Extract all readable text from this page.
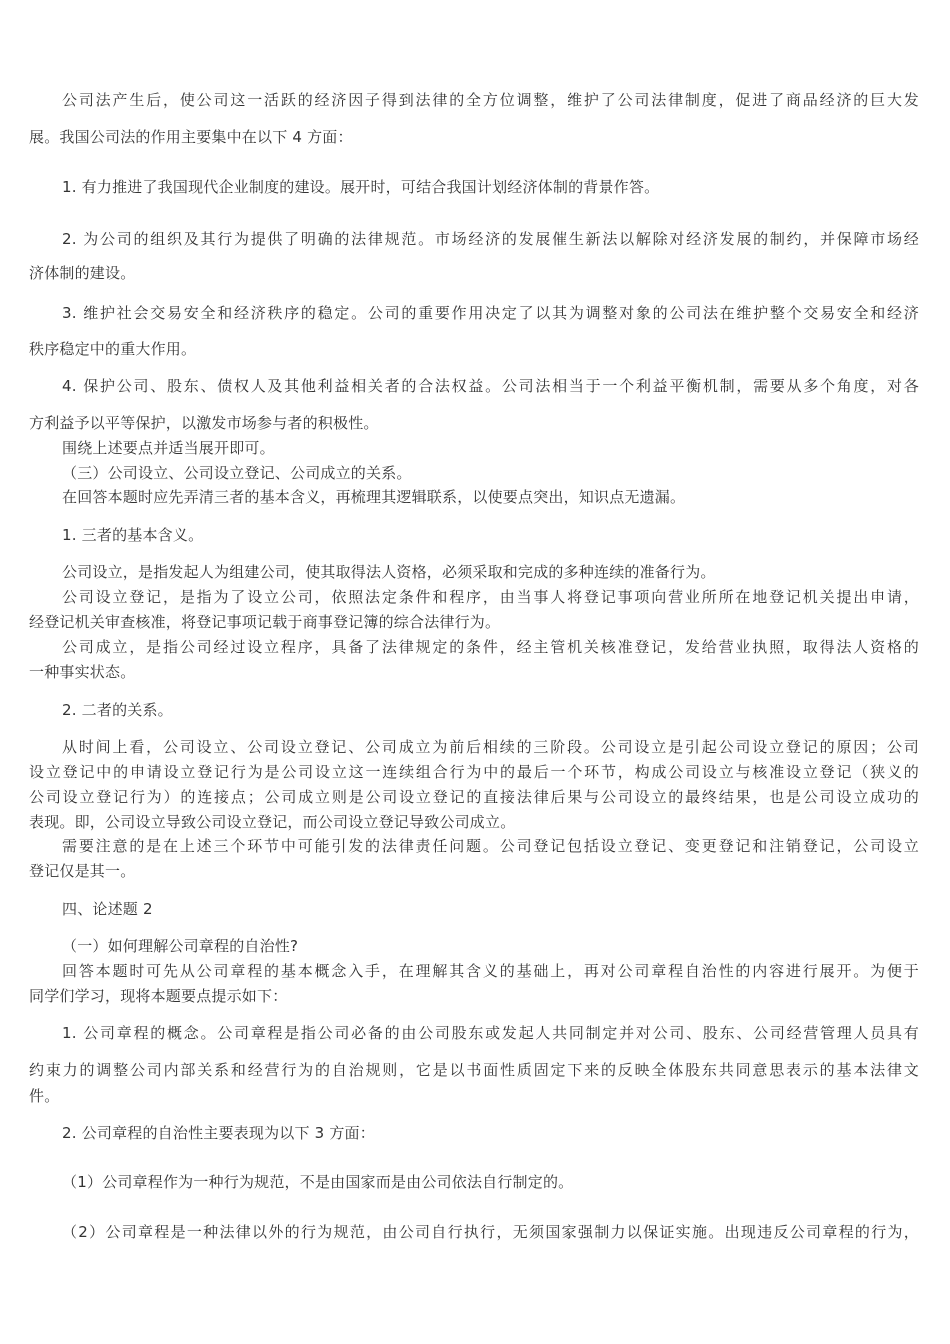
公司法产生后，使公司这一活跃的经济因子得到法律的全方位调整，维护了公司法律制度，促进了商品经济的巨大发
展。我国公司法的作用主要集中在以下 4 方面：
1. 有力推进了我国现代企业制度的建设。展开时，可结合我国计划经济体制的背景作答。
2. 为公司的组织及其行为提供了明确的法律规范。市场经济的发展催生新法以解除对经济发展的制约，并保障市场经
济体制的建设。
3. 维护社会交易安全和经济秩序的稳定。公司的重要作用决定了以其为调整对象的公司法在维护整个交易安全和经济
秩序稳定中的重大作用。
4. 保护公司、股东、债权人及其他利益相关者的合法权益。公司法相当于一个利益平衡机制，需要从多个角度，对各
方利益予以平等保护，以激发市场参与者的积极性。
围绕上述要点并适当展开即可。
（三）公司设立、公司设立登记、公司成立的关系。
在回答本题时应先弄清三者的基本含义，再梳理其逻辑联系，以使要点突出，知识点无遗漏。
1. 三者的基本含义。
公司设立，是指发起人为组建公司，使其取得法人资格，必须采取和完成的多种连续的准备行为。
公司设立登记，是指为了设立公司，依照法定条件和程序，由当事人将登记事项向营业所所在地登记机关提出申请，
经登记机关审查核准，将登记事项记载于商事登记簿的综合法律行为。
公司成立，是指公司经过设立程序，具备了法律规定的条件，经主管机关核准登记，发给营业执照，取得法人资格的
一种事实状态。
2. 二者的关系。
从时间上看，公司设立、公司设立登记、公司成立为前后相续的三阶段。公司设立是引起公司设立登记的原因；公司
设立登记中的申请设立登记行为是公司设立这一连续组合行为中的最后一个环节，构成公司设立与核准设立登记（狭义的
公司设立登记行为）的连接点；公司成立则是公司设立登记的直接法律后果与公司设立的最终结果，也是公司设立成功的
表现。即，公司设立导致公司设立登记，而公司设立登记导致公司成立。
需要注意的是在上述三个环节中可能引发的法律责任问题。公司登记包括设立登记、变更登记和注销登记，公司设立
登记仅是其一。
四、论述题 2
（一）如何理解公司章程的自治性?
回答本题时可先从公司章程的基本概念入手，在理解其含义的基础上，再对公司章程自治性的内容进行展开。为便于
同学们学习，现将本题要点提示如下：
1. 公司章程的概念。公司章程是指公司必备的由公司股东或发起人共同制定并对公司、股东、公司经营管理人员具有
约束力的调整公司内部关系和经营行为的自治规则，它是以书面性质固定下来的反映全体股东共同意思表示的基本法律文
件。
2. 公司章程的自治性主要表现为以下 3 方面：
（1）公司章程作为一种行为规范，不是由国家而是由公司依法自行制定的。
（2）公司章程是一种法律以外的行为规范，由公司自行执行，无须国家强制力以保证实施。出现违反公司章程的行为，
